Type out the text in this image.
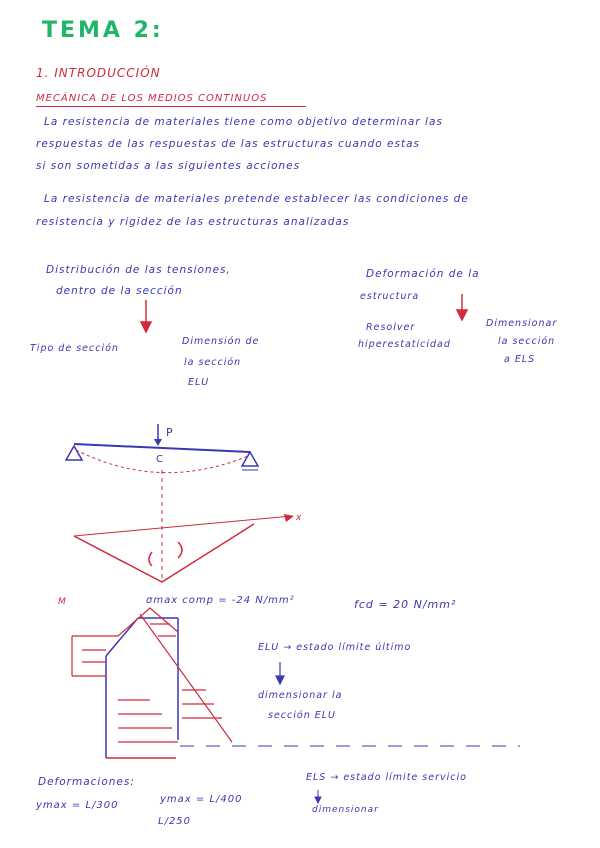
TEMA 2:
1. INTRODUCCIÓN
MECÁNICA DE LOS MEDIOS CONTINUOS
La resistencia de materiales tiene como objetivo determinar las
respuestas de las respuestas de las estructuras cuando estas
si son sometidas a las siguientes acciones
La resistencia de materiales pretende establecer las condiciones de
resistencia y rigidez de las estructuras analizadas
Distribución de las tensiones,
dentro de la sección
Tipo de sección
Dimensión de
la sección
ELU
Deformación de la
estructura
Resolver
hiperestaticidad
Dimensionar
la sección
a ELS
P
C
x
M	σmax comp = -24 N/mm²	fcd = 20 N/mm²
ELU → estado límite último
dimensionar la
sección ELU
Deformaciones:
ymax = L/300
ymax = L/400
L/250
ELS → estado límite servicio
dimensionar
